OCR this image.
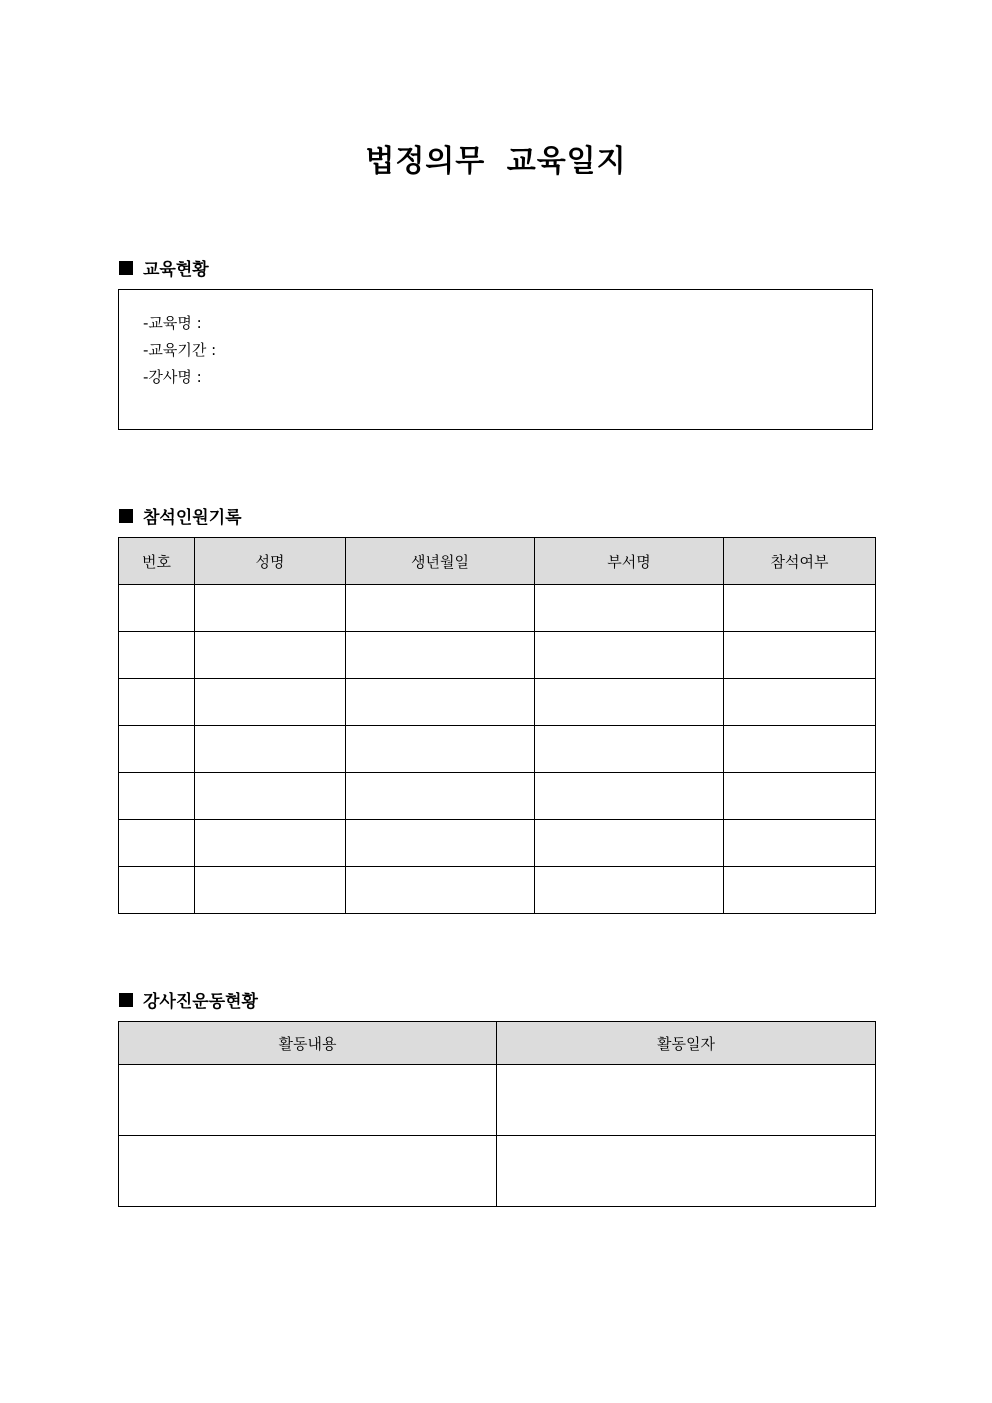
법정의무 교육일지
교육현황
-교육명 :
-교육기간 :
-강사명 :
참석인원기록
번호	성명	생년월일	부서명	참석여부

강사진운동현황
활동내용	활동일자
